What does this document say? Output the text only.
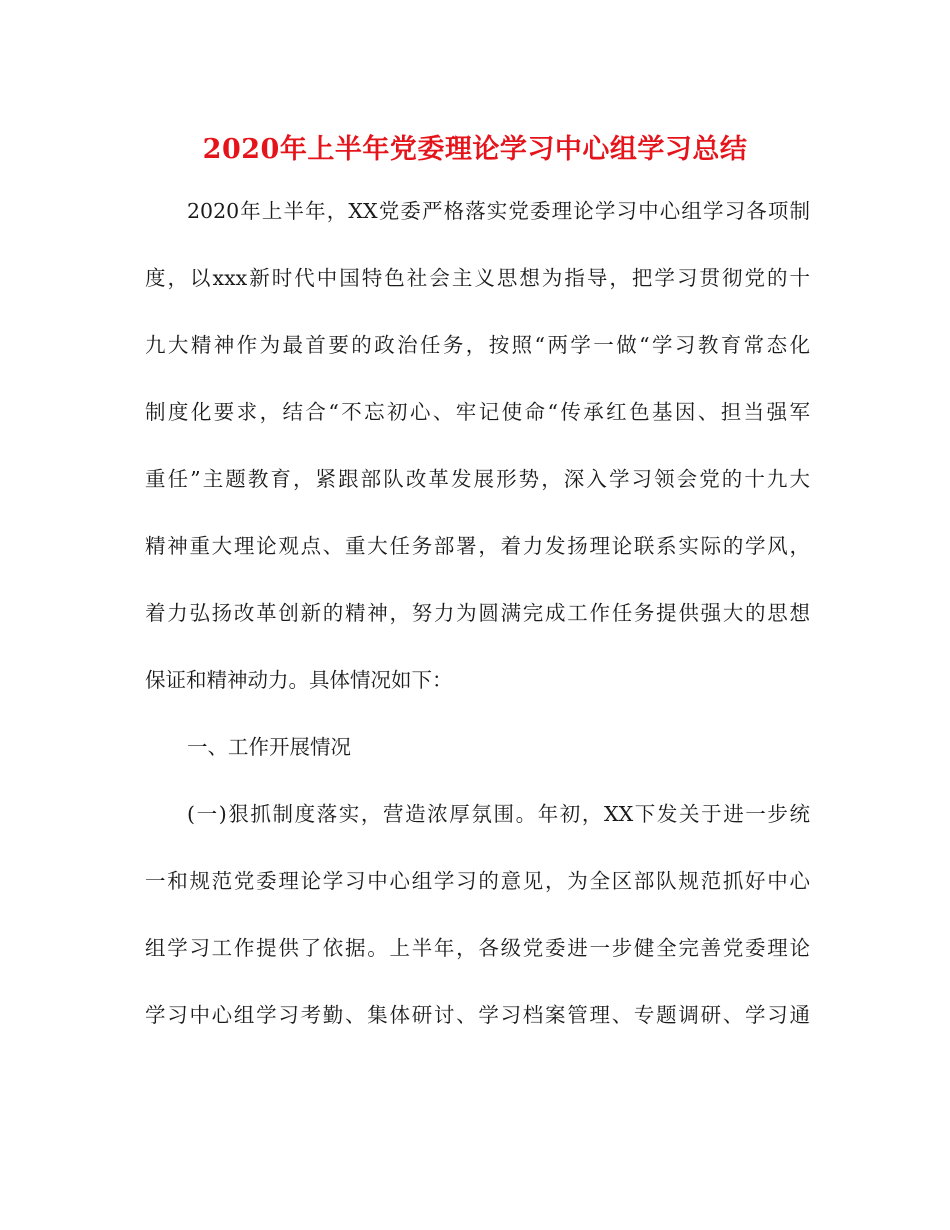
2020年上半年党委理论学习中心组学习总结
2020年上半年，XX党委严格落实党委理论学习中心组学习各项制
度，以xxx新时代中国特色社会主义思想为指导，把学习贯彻党的十
九大精神作为最首要的政治任务，按照“两学一做“学习教育常态化
制度化要求，结合“不忘初心、牢记使命“传承红色基因、担当强军
重任”主题教育，紧跟部队改革发展形势，深入学习领会党的十九大
精神重大理论观点、重大任务部署，着力发扬理论联系实际的学风，
着力弘扬改革创新的精神，努力为圆满完成工作任务提供强大的思想
保证和精神动力。具体情况如下：
一、工作开展情况
(一)狠抓制度落实，营造浓厚氛围。年初，XX下发关于进一步统
一和规范党委理论学习中心组学习的意见，为全区部队规范抓好中心
组学习工作提供了依据。上半年，各级党委进一步健全完善党委理论
学习中心组学习考勤、集体研讨、学习档案管理、专题调研、学习通
